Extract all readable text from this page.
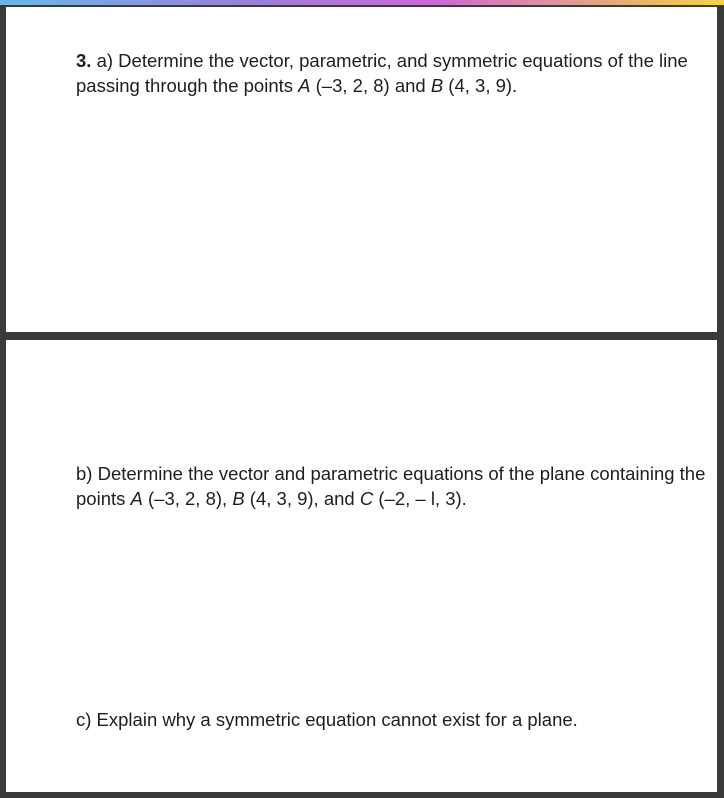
3. a) Determine the vector, parametric, and symmetric equations of the line passing through the points A (–3, 2, 8) and B (4, 3, 9).

b) Determine the vector and parametric equations of the plane containing the points A (–3, 2, 8), B (4, 3, 9), and C (–2, – l, 3).

c) Explain why a symmetric equation cannot exist for a plane.
